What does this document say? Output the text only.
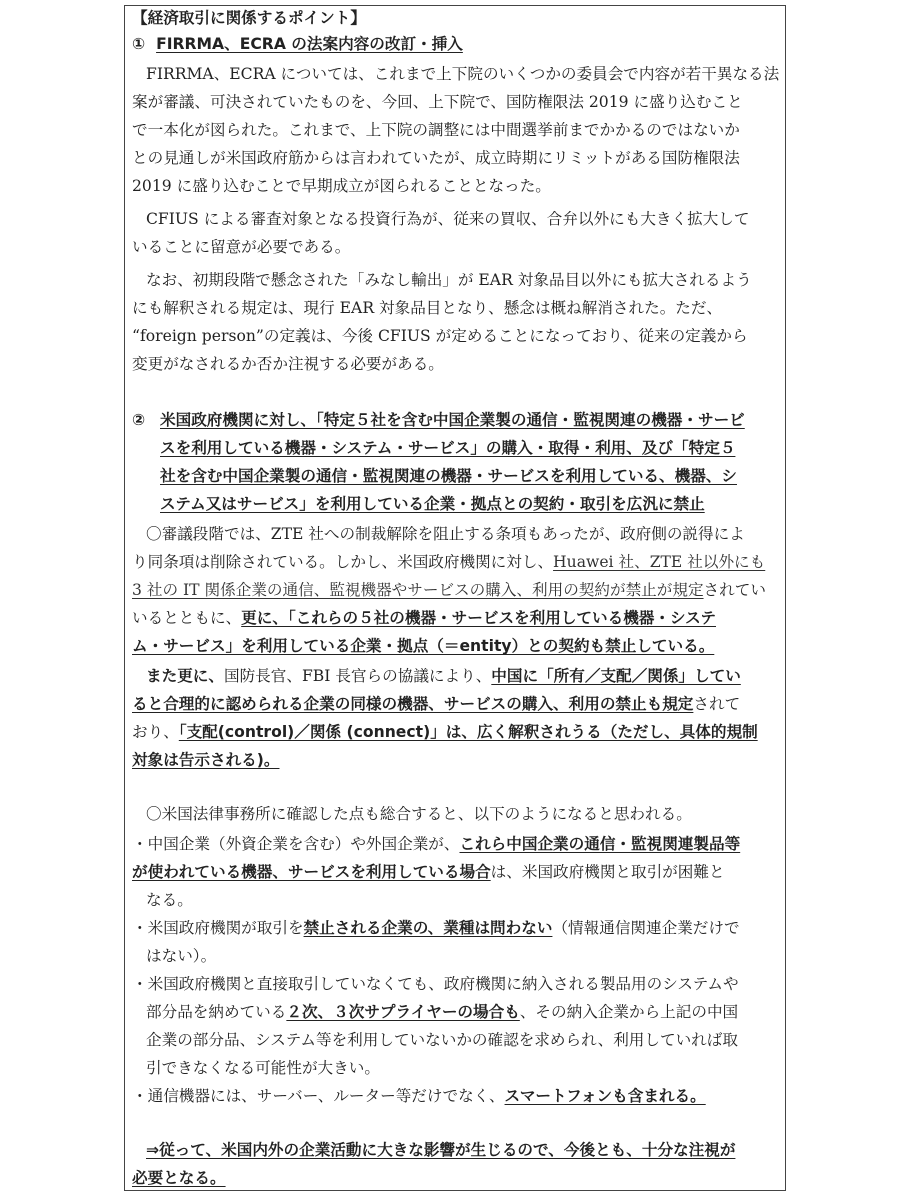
【経済取引に関係するポイント】
① FIRRMA、ECRA の法案内容の改訂・挿入
FIRRMA、ECRA については、これまで上下院のいくつかの委員会で内容が若干異なる法
案が審議、可決されていたものを、今回、上下院で、国防権限法 2019 に盛り込むこと
で一本化が図られた。これまで、上下院の調整には中間選挙前までかかるのではないか
との見通しが米国政府筋からは言われていたが、成立時期にリミットがある国防権限法
2019 に盛り込むことで早期成立が図られることとなった。
CFIUS による審査対象となる投資行為が、従来の買収、合弁以外にも大きく拡大して
いることに留意が必要である。
なお、初期段階で懸念された「みなし輸出」が EAR 対象品目以外にも拡大されるよう
にも解釈される規定は、現行 EAR 対象品目となり、懸念は概ね解消された。ただ、
“foreign person”の定義は、今後 CFIUS が定めることになっており、従来の定義から
変更がなされるか否か注視する必要がある。
② 米国政府機関に対し、「特定５社を含む中国企業製の通信・監視関連の機器・サービ
スを利用している機器・システム・サービス」の購入・取得・利用、及び「特定５
社を含む中国企業製の通信・監視関連の機器・サービスを利用している、機器、シ
ステム又はサービス」を利用している企業・拠点との契約・取引を広汎に禁止
〇審議段階では、ZTE 社への制裁解除を阻止する条項もあったが、政府側の説得によ
り同条項は削除されている。しかし、米国政府機関に対し、Huawei 社、ZTE 社以外にも
3 社の IT 関係企業の通信、監視機器やサービスの購入、利用の契約が禁止が規定されてい
いるとともに、更に、「これらの５社の機器・サービスを利用している機器・システ
ム・サービス」を利用している企業・拠点（＝entity）との契約も禁止している。
また更に、国防長官、FBI 長官らの協議により、中国に「所有／支配／関係」してい
ると合理的に認められる企業の同様の機器、サービスの購入、利用の禁止も規定されて
おり、「支配(control)／関係 (connect)」は、広く解釈されうる（ただし、具体的規制
対象は告示される)。
〇米国法律事務所に確認した点も総合すると、以下のようになると思われる。
・中国企業（外資企業を含む）や外国企業が、これら中国企業の通信・監視関連製品等
が使われている機器、サービスを利用している場合は、米国政府機関と取引が困難と
なる。
・米国政府機関が取引を禁止される企業の、業種は問わない（情報通信関連企業だけで
はない）。
・米国政府機関と直接取引していなくても、政府機関に納入される製品用のシステムや
部分品を納めている２次、３次サプライヤーの場合も、その納入企業から上記の中国
企業の部分品、システム等を利用していないかの確認を求められ、利用していれば取
引できなくなる可能性が大きい。
・通信機器には、サーバー、ルーター等だけでなく、スマートフォンも含まれる。
⇒従って、米国内外の企業活動に大きな影響が生じるので、今後とも、十分な注視が
必要となる。
